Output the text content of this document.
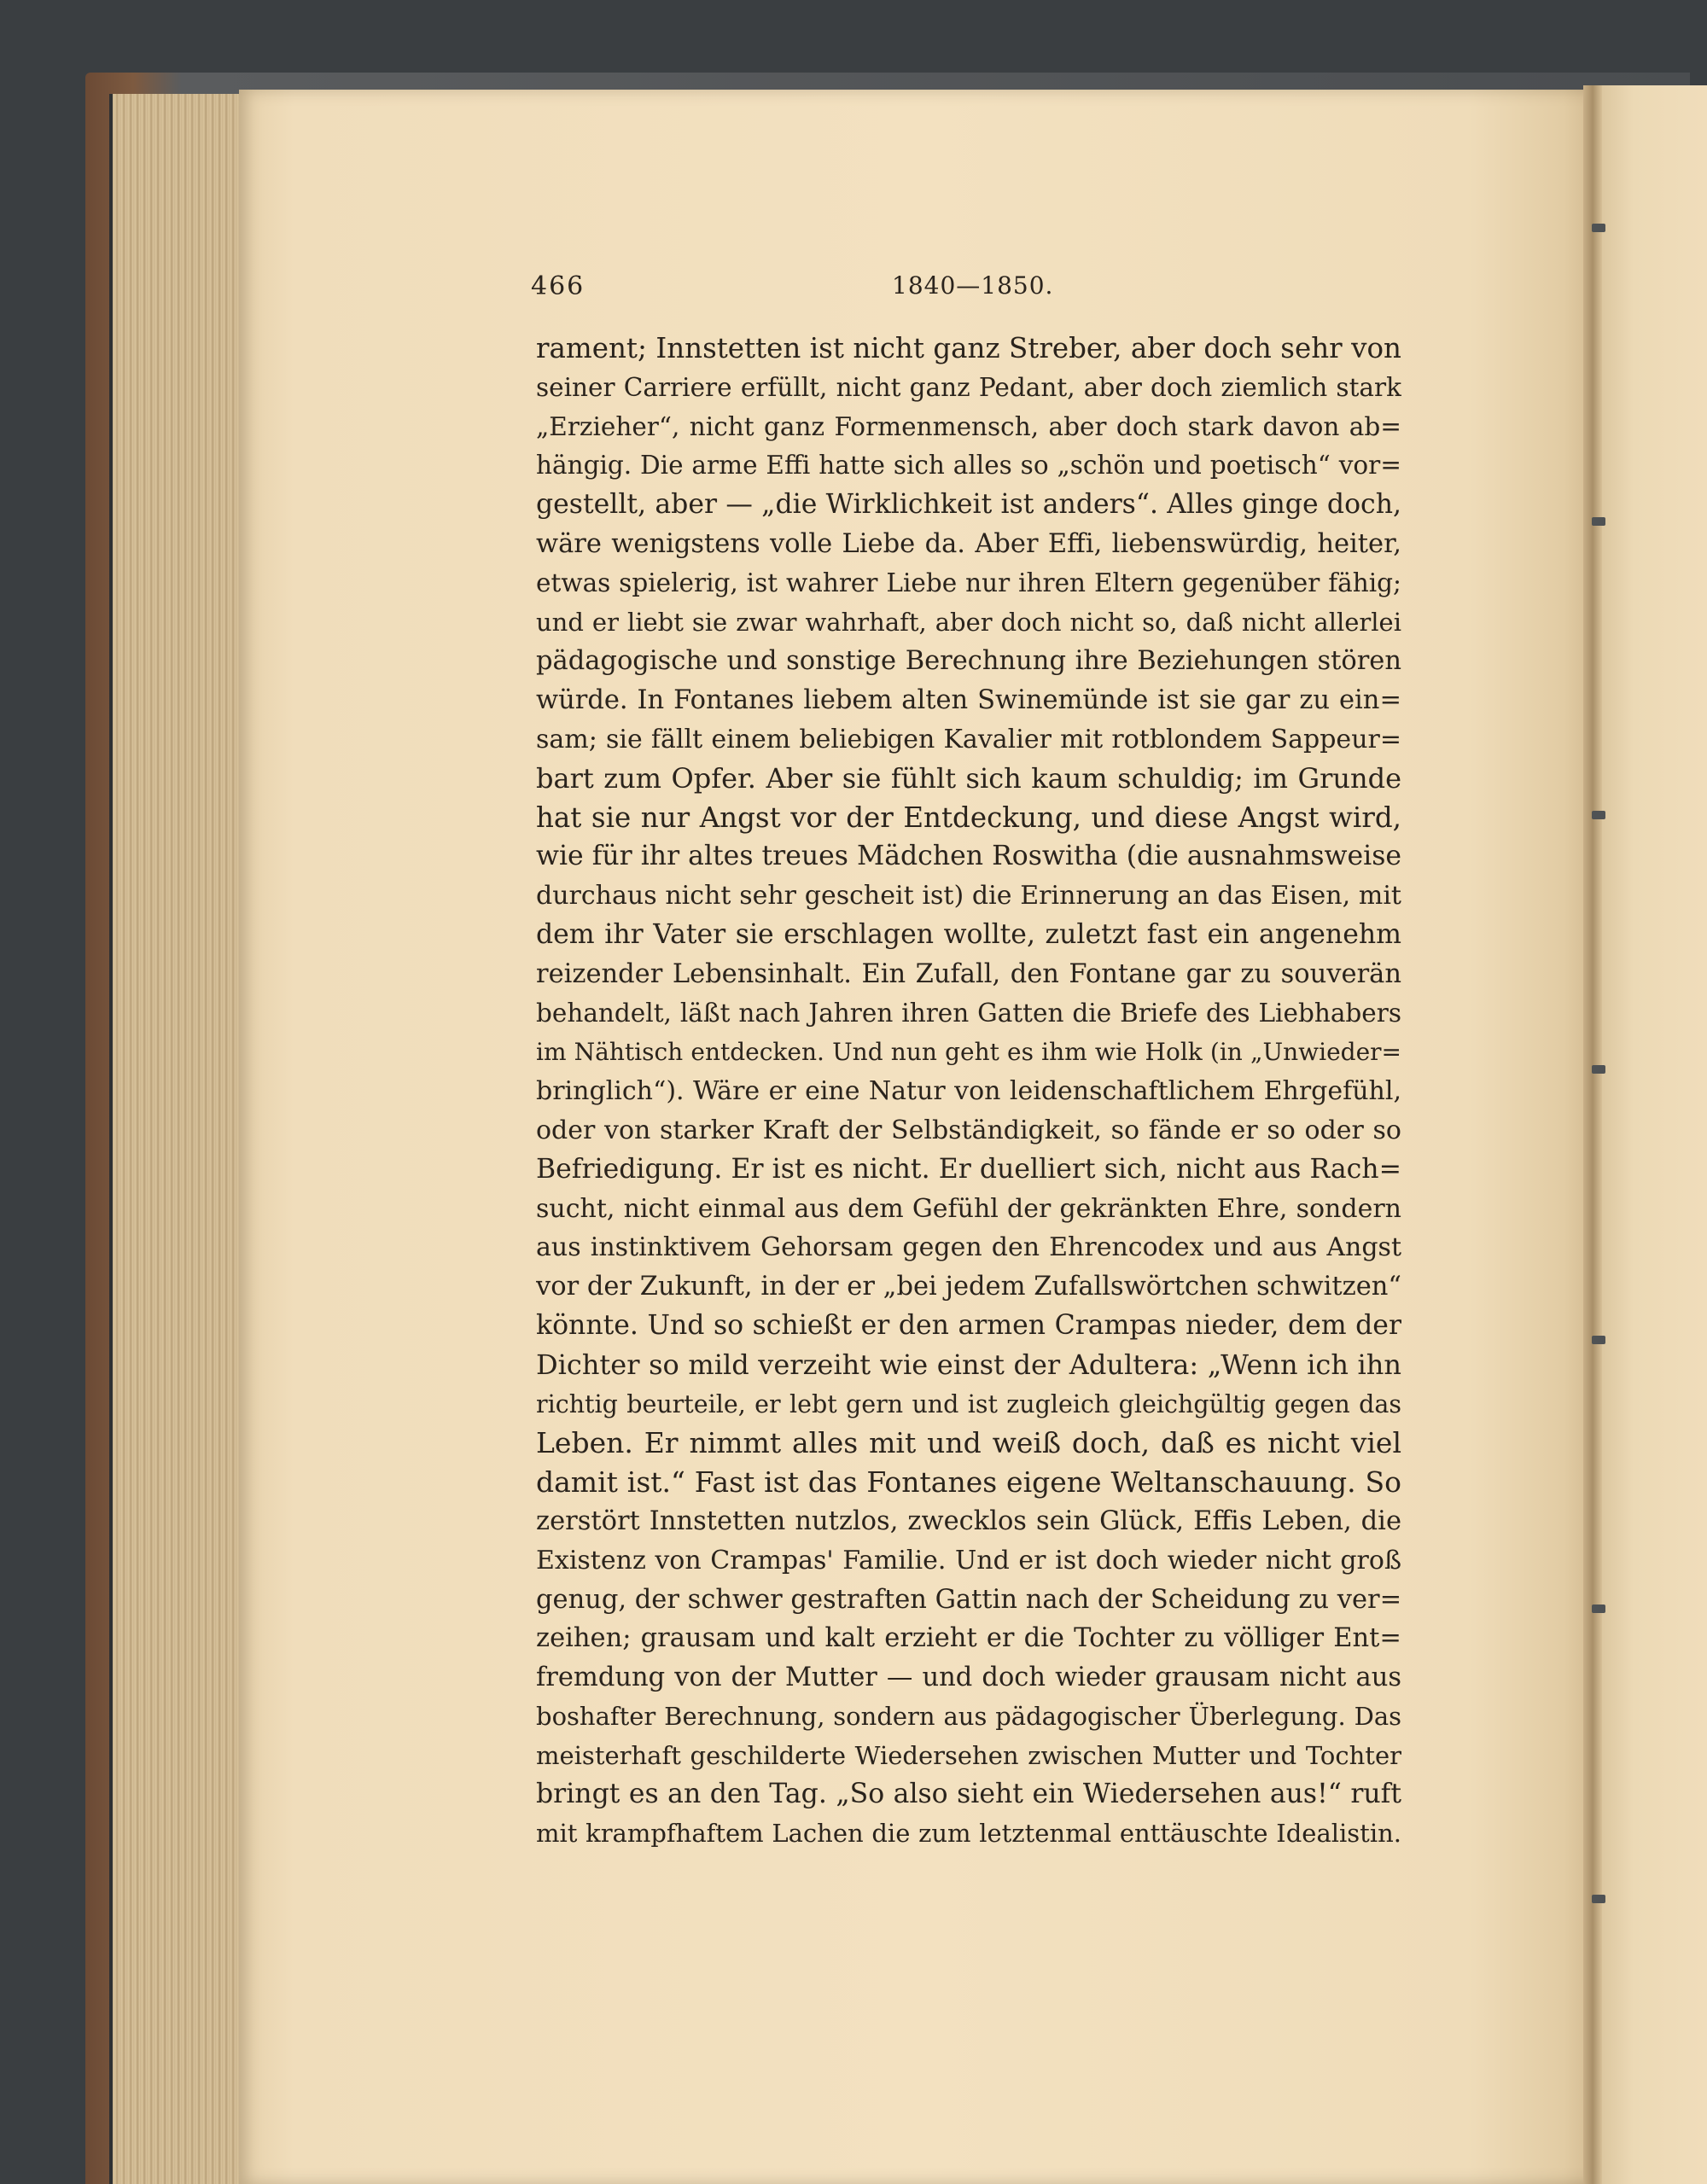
466	1840—1850.
rament; Innstetten ist nicht ganz Streber, aber doch sehr von
seiner Carriere erfüllt, nicht ganz Pedant, aber doch ziemlich stark
„Erzieher“, nicht ganz Formenmensch, aber doch stark davon ab=
hängig. Die arme Effi hatte sich alles so „schön und poetisch“ vor=
gestellt, aber — „die Wirklichkeit ist anders“. Alles ginge doch,
wäre wenigstens volle Liebe da. Aber Effi, liebenswürdig, heiter,
etwas spielerig, ist wahrer Liebe nur ihren Eltern gegenüber fähig;
und er liebt sie zwar wahrhaft, aber doch nicht so, daß nicht allerlei
pädagogische und sonstige Berechnung ihre Beziehungen stören
würde. In Fontanes liebem alten Swinemünde ist sie gar zu ein=
sam; sie fällt einem beliebigen Kavalier mit rotblondem Sappeur=
bart zum Opfer. Aber sie fühlt sich kaum schuldig; im Grunde
hat sie nur Angst vor der Entdeckung, und diese Angst wird,
wie für ihr altes treues Mädchen Roswitha (die ausnahmsweise
durchaus nicht sehr gescheit ist) die Erinnerung an das Eisen, mit
dem ihr Vater sie erschlagen wollte, zuletzt fast ein angenehm
reizender Lebensinhalt. Ein Zufall, den Fontane gar zu souverän
behandelt, läßt nach Jahren ihren Gatten die Briefe des Liebhabers
im Nähtisch entdecken. Und nun geht es ihm wie Holk (in „Unwieder=
bringlich“). Wäre er eine Natur von leidenschaftlichem Ehrgefühl,
oder von starker Kraft der Selbständigkeit, so fände er so oder so
Befriedigung. Er ist es nicht. Er duelliert sich, nicht aus Rach=
sucht, nicht einmal aus dem Gefühl der gekränkten Ehre, sondern
aus instinktivem Gehorsam gegen den Ehrencodex und aus Angst
vor der Zukunft, in der er „bei jedem Zufallswörtchen schwitzen“
könnte. Und so schießt er den armen Crampas nieder, dem der
Dichter so mild verzeiht wie einst der Adultera: „Wenn ich ihn
richtig beurteile, er lebt gern und ist zugleich gleichgültig gegen das
Leben. Er nimmt alles mit und weiß doch, daß es nicht viel
damit ist.“ Fast ist das Fontanes eigene Weltanschauung. So
zerstört Innstetten nutzlos, zwecklos sein Glück, Effis Leben, die
Existenz von Crampas' Familie. Und er ist doch wieder nicht groß
genug, der schwer gestraften Gattin nach der Scheidung zu ver=
zeihen; grausam und kalt erzieht er die Tochter zu völliger Ent=
fremdung von der Mutter — und doch wieder grausam nicht aus
boshafter Berechnung, sondern aus pädagogischer Überlegung. Das
meisterhaft geschilderte Wiedersehen zwischen Mutter und Tochter
bringt es an den Tag. „So also sieht ein Wiedersehen aus!“ ruft
mit krampfhaftem Lachen die zum letztenmal enttäuschte Idealistin.
